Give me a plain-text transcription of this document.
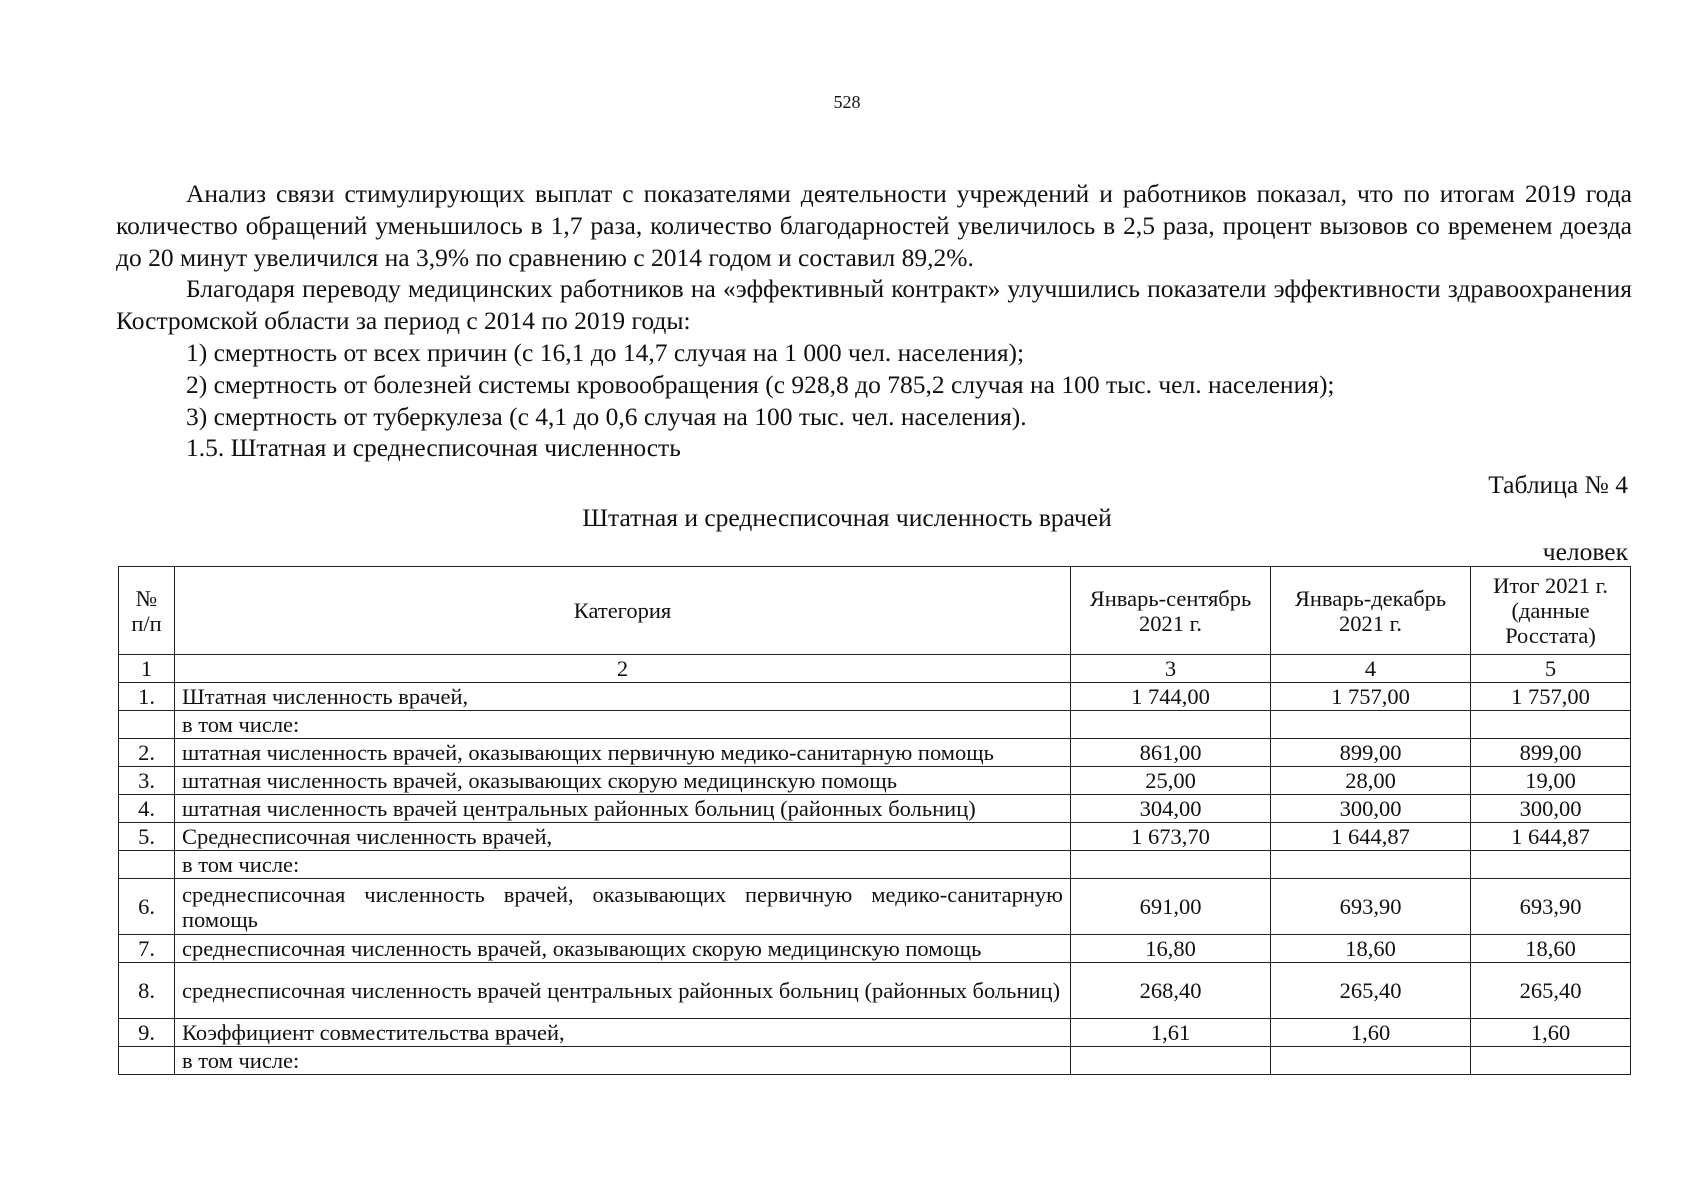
528

Анализ связи стимулирующих выплат с показателями деятельности учреждений и работников показал, что по итогам 2019 года количество обращений уменьшилось в 1,7 раза, количество благодарностей увеличилось в 2,5 раза, процент вызовов со временем доезда до 20 минут увеличился на 3,9% по сравнению с 2014 годом и составил 89,2%.

Благодаря переводу медицинских работников на «эффективный контракт» улучшились показатели эффективности здравоохранения Костромской области за период с 2014 по 2019 годы:

1) смертность от всех причин (с 16,1 до 14,7 случая на 1 000 чел. населения);

2) смертность от болезней системы кровообращения (с 928,8 до 785,2 случая на 100 тыс. чел. населения);

3) смертность от туберкулеза (с 4,1 до 0,6 случая на 100 тыс. чел. населения).

1.5. Штатная и среднесписочная численность

Таблица № 4
Штатная и среднесписочная численность врачей
человек
№ п/п	Категория	Январь-сентябрь 2021 г.	Январь-декабрь 2021 г.	Итог 2021 г. (данные Росстата)
1	2	3	4	5
1.	Штатная численность врачей,	1 744,00	1 757,00	1 757,00
	в том числе:			
2.	штатная численность врачей, оказывающих первичную медико-санитарную помощь	861,00	899,00	899,00
3.	штатная численность врачей, оказывающих скорую медицинскую помощь	25,00	28,00	19,00
4.	штатная численность врачей центральных районных больниц (районных больниц)	304,00	300,00	300,00
5.	Среднесписочная численность врачей,	1 673,70	1 644,87	1 644,87
	в том числе:			
6.	среднесписочная численность врачей, оказывающих первичную медико-санитарную помощь	691,00	693,90	693,90
7.	среднесписочная численность врачей, оказывающих скорую медицинскую помощь	16,80	18,60	18,60
8.	среднесписочная численность врачей центральных районных больниц (районных больниц)	268,40	265,40	265,40
9.	Коэффициент совместительства врачей,	1,61	1,60	1,60
	в том числе:			
